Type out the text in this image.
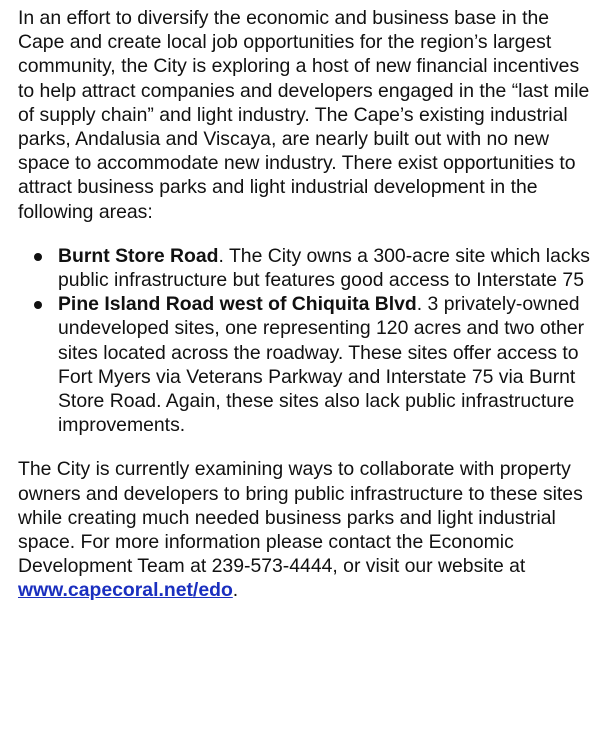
In an effort to diversify the economic and business base in the Cape and create local job opportunities for the region’s largest community, the City is exploring a host of new financial incentives to help attract companies and developers engaged in the “last mile of supply chain” and light industry. The Cape’s existing industrial parks, Andalusia and Viscaya, are nearly built out with no new space to accommodate new industry. There exist opportunities to attract business parks and light industrial development in the following areas:

Burnt Store Road. The City owns a 300-acre site which lacks public infrastructure but features good access to Interstate 75
Pine Island Road west of Chiquita Blvd. 3 privately-owned undeveloped sites, one representing 120 acres and two other sites located across the roadway. These sites offer access to Fort Myers via Veterans Parkway and Interstate 75 via Burnt Store Road. Again, these sites also lack public infrastructure improvements.

The City is currently examining ways to collaborate with property owners and developers to bring public infrastructure to these sites while creating much needed business parks and light industrial space. For more information please contact the Economic Development Team at 239-573-4444, or visit our website at www.capecoral.net/edo.
